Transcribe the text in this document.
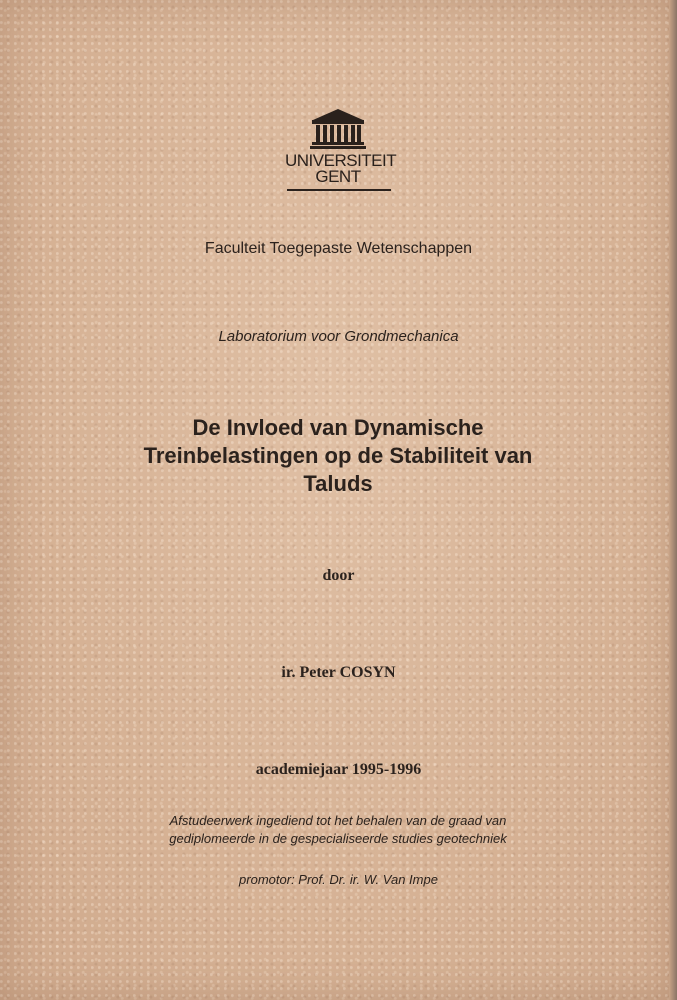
UNIVERSITEIT
GENT
Faculteit Toegepaste Wetenschappen
Laboratorium voor Grondmechanica
De Invloed van Dynamische
Treinbelastingen op de Stabiliteit van
Taluds
door
ir. Peter COSYN
academiejaar 1995-1996
Afstudeerwerk ingediend tot het behalen van de graad van
gediplomeerde in de gespecialiseerde studies geotechniek
promotor: Prof. Dr. ir. W. Van Impe
